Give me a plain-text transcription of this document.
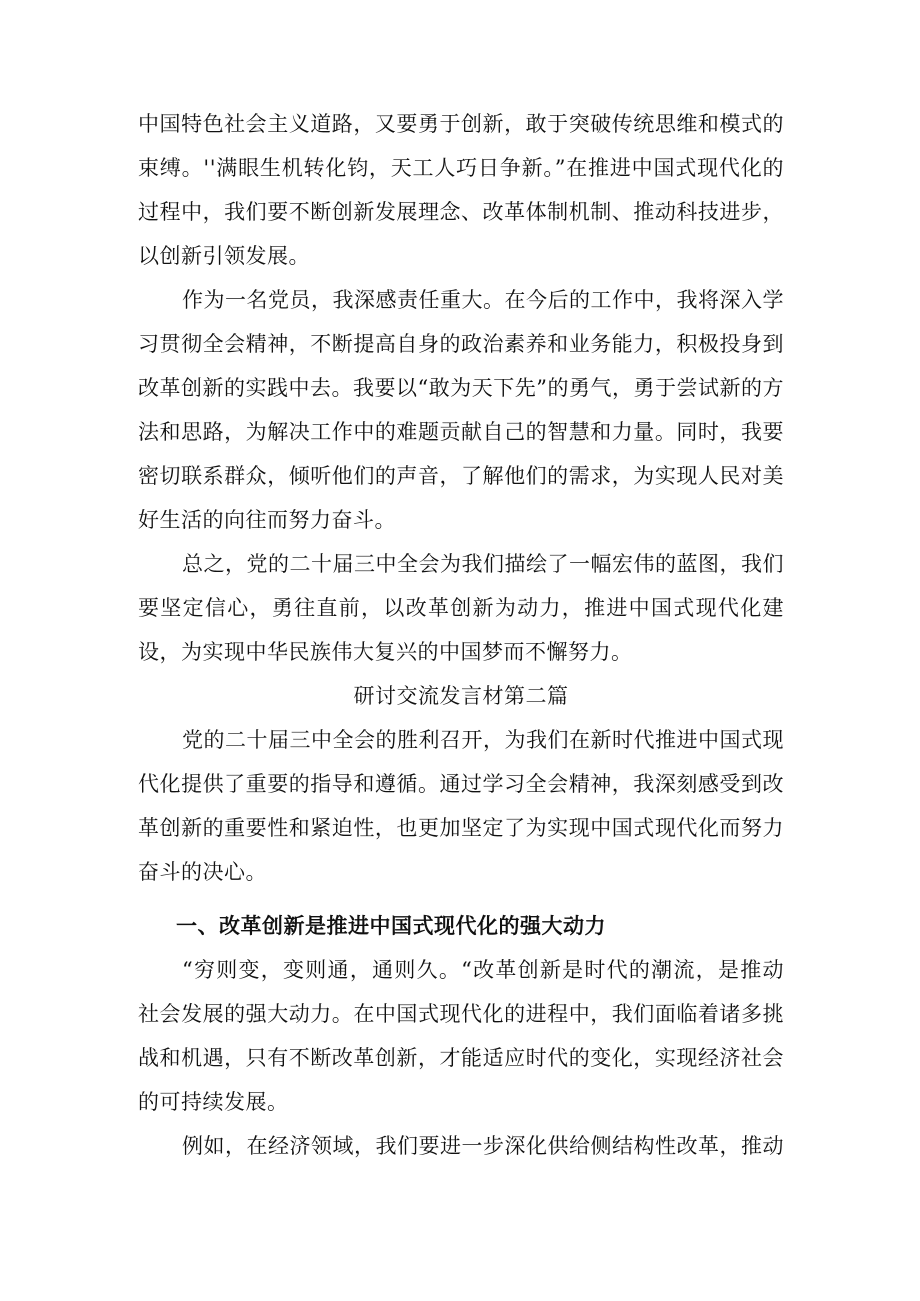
中国特色社会主义道路，又要勇于创新，敢于突破传统思维和模式的束缚。''满眼生机转化钧，天工人巧日争新。”在推进中国式现代化的过程中，我们要不断创新发展理念、改革体制机制、推动科技进步，以创新引领发展。

作为一名党员，我深感责任重大。在今后的工作中，我将深入学习贯彻全会精神，不断提高自身的政治素养和业务能力，积极投身到改革创新的实践中去。我要以“敢为天下先”的勇气，勇于尝试新的方法和思路，为解决工作中的难题贡献自己的智慧和力量。同时，我要密切联系群众，倾听他们的声音，了解他们的需求，为实现人民对美好生活的向往而努力奋斗。

总之，党的二十届三中全会为我们描绘了一幅宏伟的蓝图，我们要坚定信心，勇往直前，以改革创新为动力，推进中国式现代化建设，为实现中华民族伟大复兴的中国梦而不懈努力。

研讨交流发言材第二篇

党的二十届三中全会的胜利召开，为我们在新时代推进中国式现代化提供了重要的指导和遵循。通过学习全会精神，我深刻感受到改革创新的重要性和紧迫性，也更加坚定了为实现中国式现代化而努力奋斗的决心。

一、改革创新是推进中国式现代化的强大动力

“穷则变，变则通，通则久。“改革创新是时代的潮流，是推动社会发展的强大动力。在中国式现代化的进程中，我们面临着诸多挑战和机遇，只有不断改革创新，才能适应时代的变化，实现经济社会的可持续发展。

例如，在经济领域，我们要进一步深化供给侧结构性改革，推动
